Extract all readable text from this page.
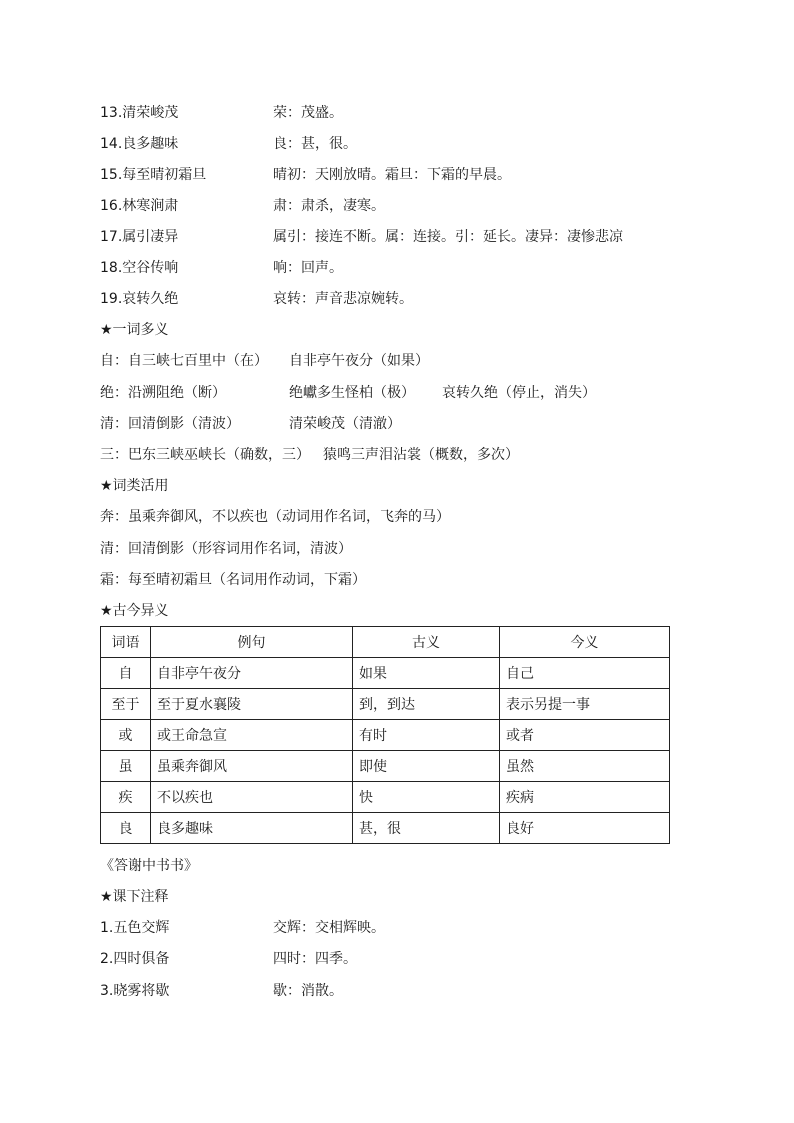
13.清荣峻茂	荣：茂盛。
14.良多趣味	良：甚，很。
15.每至晴初霜旦	晴初：天刚放晴。霜旦：下霜的早晨。
16.林寒涧肃	肃：肃杀，凄寒。
17.属引凄异	属引：接连不断。属：连接。引：延长。凄异：凄惨悲凉
18.空谷传响	响：回声。
19.哀转久绝	哀转：声音悲凉婉转。
★一词多义
自：自三峡七百里中（在） 自非亭午夜分（如果）
绝：沿溯阻绝（断）	绝巘多生怪柏（极） 哀转久绝（停止，消失）
清：回清倒影（清波）	清荣峻茂（清澈）
三：巴东三峡巫峡长（确数，三） 猿鸣三声泪沾裳（概数，多次）
★词类活用
奔：虽乘奔御风，不以疾也（动词用作名词，飞奔的马）
清：回清倒影（形容词用作名词，清波）
霜：每至晴初霜旦（名词用作动词，下霜）
★古今异义
词语	例句	古义	今义
自	自非亭午夜分	如果	自己
至于	至于夏水襄陵	到，到达	表示另提一事
或	或王命急宣	有时	或者
虽	虽乘奔御风	即使	虽然
疾	不以疾也	快	疾病
良	良多趣味	甚，很	良好
《答谢中书书》
★课下注释
1.五色交辉	交辉：交相辉映。
2.四时俱备	四时：四季。
3.晓雾将歇	歇：消散。
